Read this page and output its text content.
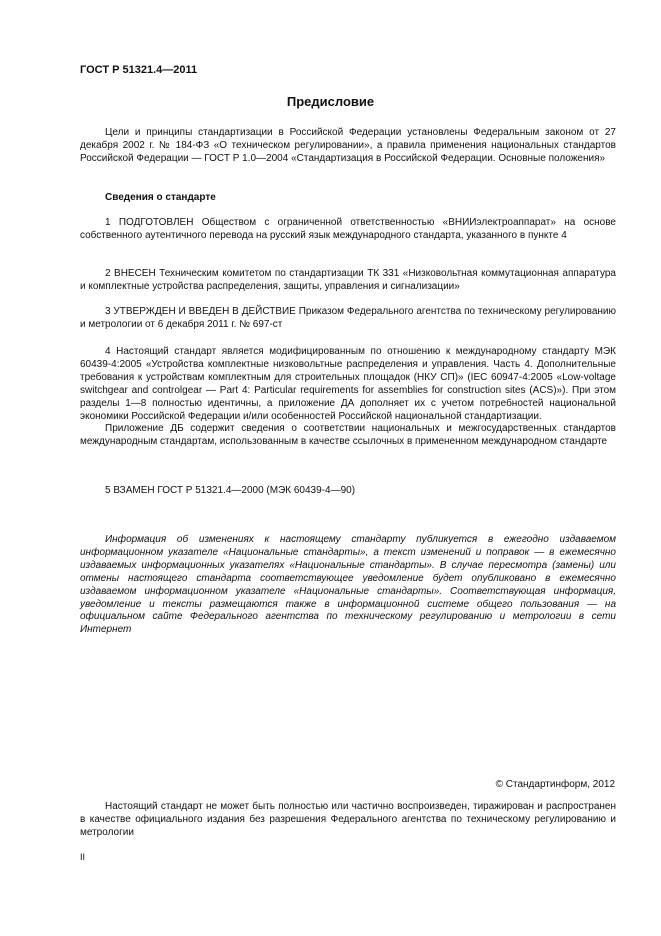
ГОСТ Р 51321.4—2011
Предисловие

Цели и принципы стандартизации в Российской Федерации установлены Федеральным законом от 27 декабря 2002 г. № 184-ФЗ «О техническом регулировании», а правила применения национальных стандартов Российской Федерации — ГОСТ Р 1.0—2004 «Стандартизация в Российской Федерации. Основные положения»

Сведения о стандарте

1 ПОДГОТОВЛЕН Обществом с ограниченной ответственностью «ВНИИэлектроаппарат» на основе собственного аутентичного перевода на русский язык международного стандарта, указанного в пункте 4

2 ВНЕСЕН Техническим комитетом по стандартизации ТК 331 «Низковольтная коммутационная аппаратура и комплектные устройства распределения, защиты, управления и сигнализации»

3 УТВЕРЖДЕН И ВВЕДЕН В ДЕЙСТВИЕ Приказом Федерального агентства по техническому регулированию и метрологии от 6 декабря 2011 г. № 697-ст

4 Настоящий стандарт является модифицированным по отношению к международному стандарту МЭК 60439-4:2005 «Устройства комплектные низковольтные распределения и управления. Часть 4. Дополнительные требования к устройствам комплектным для строительных площадок (НКУ СП)» (IEC 60947-4:2005 «Low-voltage switchgear and controlgear — Part 4: Particular requirements for assemblies for construction sites (ACS)»). При этом разделы 1—8 полностью идентичны, а приложение ДА дополняет их с учетом потребностей национальной экономики Российской Федерации и/или особенностей Российской национальной стандартизации.

Приложение ДБ содержит сведения о соответствии национальных и межгосударственных стандартов международным стандартам, использованным в качестве ссылочных в примененном международном стандарте

5 ВЗАМЕН ГОСТ Р 51321.4—2000 (МЭК 60439-4—90)

Информация об изменениях к настоящему стандарту публикуется в ежегодно издаваемом информационном указателе «Национальные стандарты», а текст изменений и поправок — в ежемесячно издаваемых информационных указателях «Национальные стандарты». В случае пересмотра (замены) или отмены настоящего стандарта соответствующее уведомление будет опубликовано в ежемесячно издаваемом информационном указателе «Национальные стандарты». Соответствующая информация, уведомление и тексты размещаются также в информационной системе общего пользования — на официальном сайте Федерального агентства по техническому регулированию и метрологии в сети Интернет

© Стандартинформ, 2012

Настоящий стандарт не может быть полностью или частично воспроизведен, тиражирован и распространен в качестве официального издания без разрешения Федерального агентства по техническому регулированию и метрологии

II
